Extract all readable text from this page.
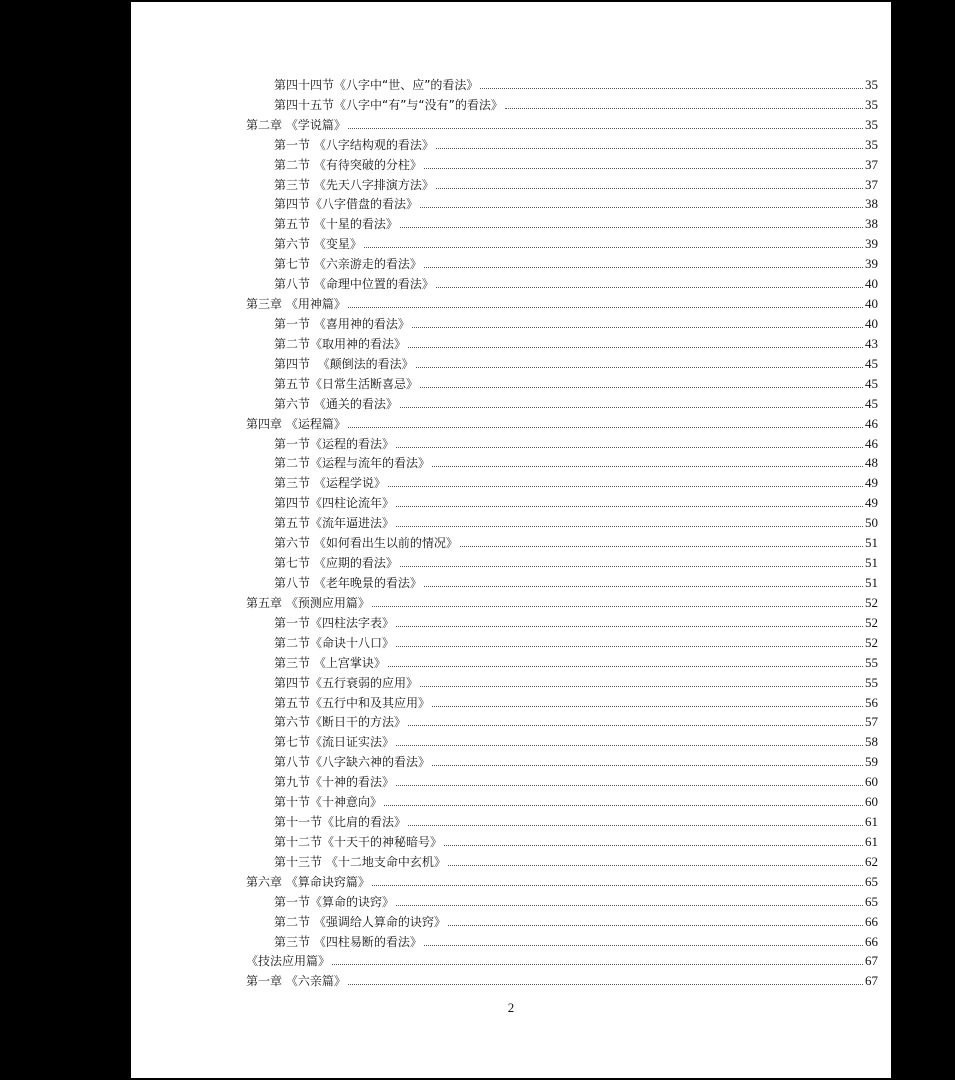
第四十四节《八字中“世、应”的看法》	35
第四十五节《八字中“有”与“没有”的看法》	35
第二章 《学说篇》	35
第一节 《八字结构观的看法》	35
第二节 《有待突破的分柱》	37
第三节 《先天八字排演方法》	37
第四节《八字借盘的看法》	38
第五节 《十星的看法》	38
第六节 《变星》	39
第七节 《六亲游走的看法》	39
第八节 《命理中位置的看法》	40
第三章 《用神篇》	40
第一节 《喜用神的看法》	40
第二节《取用神的看法》	43
第四节  《颠倒法的看法》	45
第五节《日常生活断喜忌》	45
第六节 《通关的看法》	45
第四章 《运程篇》	46
第一节《运程的看法》	46
第二节《运程与流年的看法》	48
第三节 《运程学说》	49
第四节《四柱论流年》	49
第五节《流年逼进法》	50
第六节 《如何看出生以前的情况》	51
第七节 《应期的看法》	51
第八节 《老年晚景的看法》	51
第五章 《预测应用篇》	52
第一节《四柱法字表》	52
第二节《命诀十八口》	52
第三节 《上宫掌诀》	55
第四节《五行衰弱的应用》	55
第五节《五行中和及其应用》	56
第六节《断日干的方法》	57
第七节《流日证实法》	58
第八节《八字缺六神的看法》	59
第九节《十神的看法》	60
第十节《十神意向》	60
第十一节《比肩的看法》	61
第十二节《十天干的神秘暗号》	61
第十三节 《十二地支命中玄机》	62
第六章 《算命诀窍篇》	65
第一节《算命的诀窍》	65
第二节 《强调给人算命的诀窍》	66
第三节 《四柱易断的看法》	66
《技法应用篇》	67
第一章 《六亲篇》	67
2
